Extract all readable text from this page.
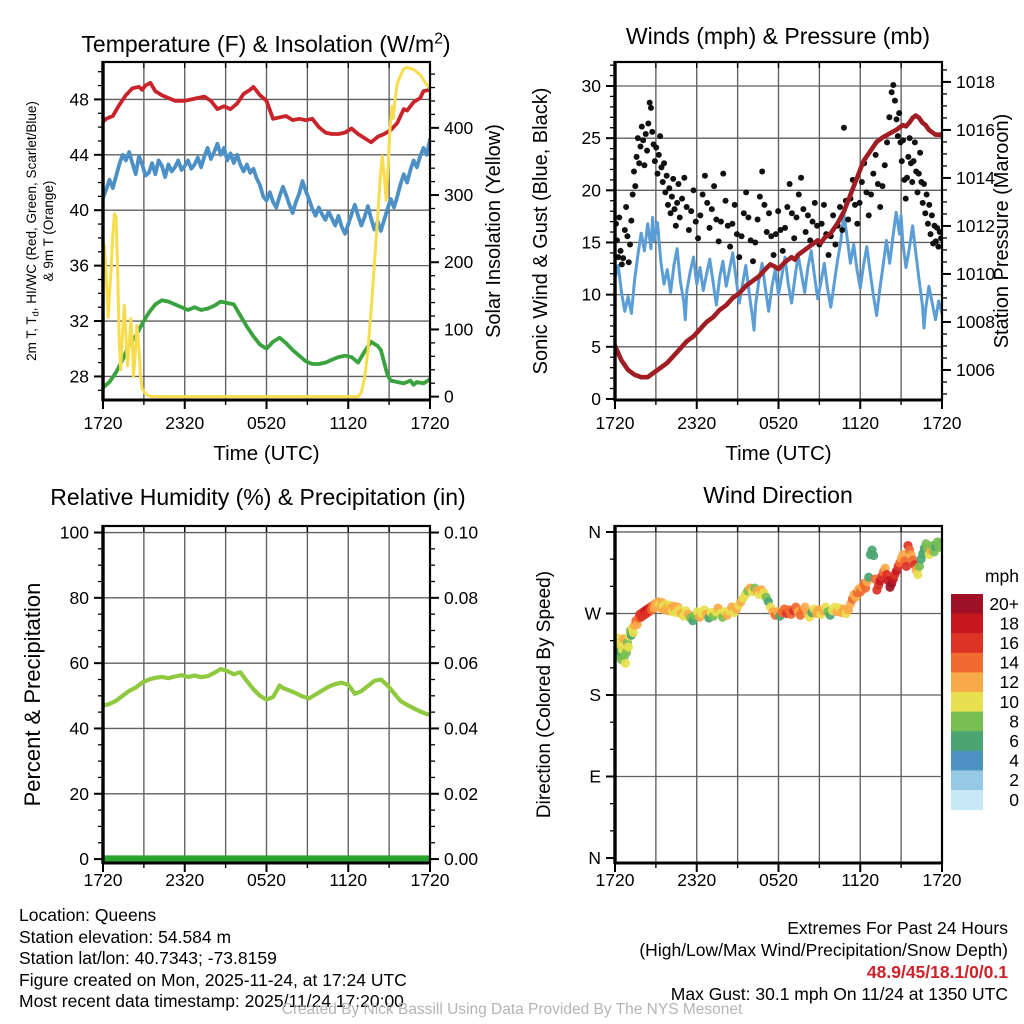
1720 2320 0520 1120 1720
Time (UTC)
28
32
36
40
44
48
0
100
200
300
400
2m T, $T_d$, HI/WC (Red, Green, Scarlet/Blue) & 9m T (Orange)	Solar Insolation (Yellow)
Temperature (F) & Insolation $(W/m^2)$
1720 2320 0520 1120 1720
Time (UTC)
0
5
10
15
20
25
30
1006
1008
1010
1012
1014
1016
1018
Sonic Wind & Gust (Blue, Black)	Station Pressure (Maroon)
Winds (mph) & Pressure (mb)
1720 2320 0520 1120 1720
0
20
40
60
80
100
0.00
0.02
0.04
0.06
0.08
0.10
Percent & Precipitation
Relative Humidity (%) & Precipitation (in)
1720 2320 0520 1120 1720
N
E
S
W
N
Direction (Colored By Speed)
Wind Direction
mph
20+
18
16
14
12
10
8
6
4
2
0
Location: Queens
Station elevation: 54.584 m
Station lat/lon: 40.7343; -73.8159
Figure created on Mon, 2025-11-24, at 17:24 UTC
Most recent data timestamp: 2025/11/24 17:20:00
Extremes For Past 24 Hours
(High/Low/Max Wind/Precipitation/Snow Depth)
48.9/45/18.1/0/0.1
Max Gust: 30.1 mph On 11/24 at 1350 UTC
Created By Nick Bassill Using Data Provided By The NYS Mesonet
